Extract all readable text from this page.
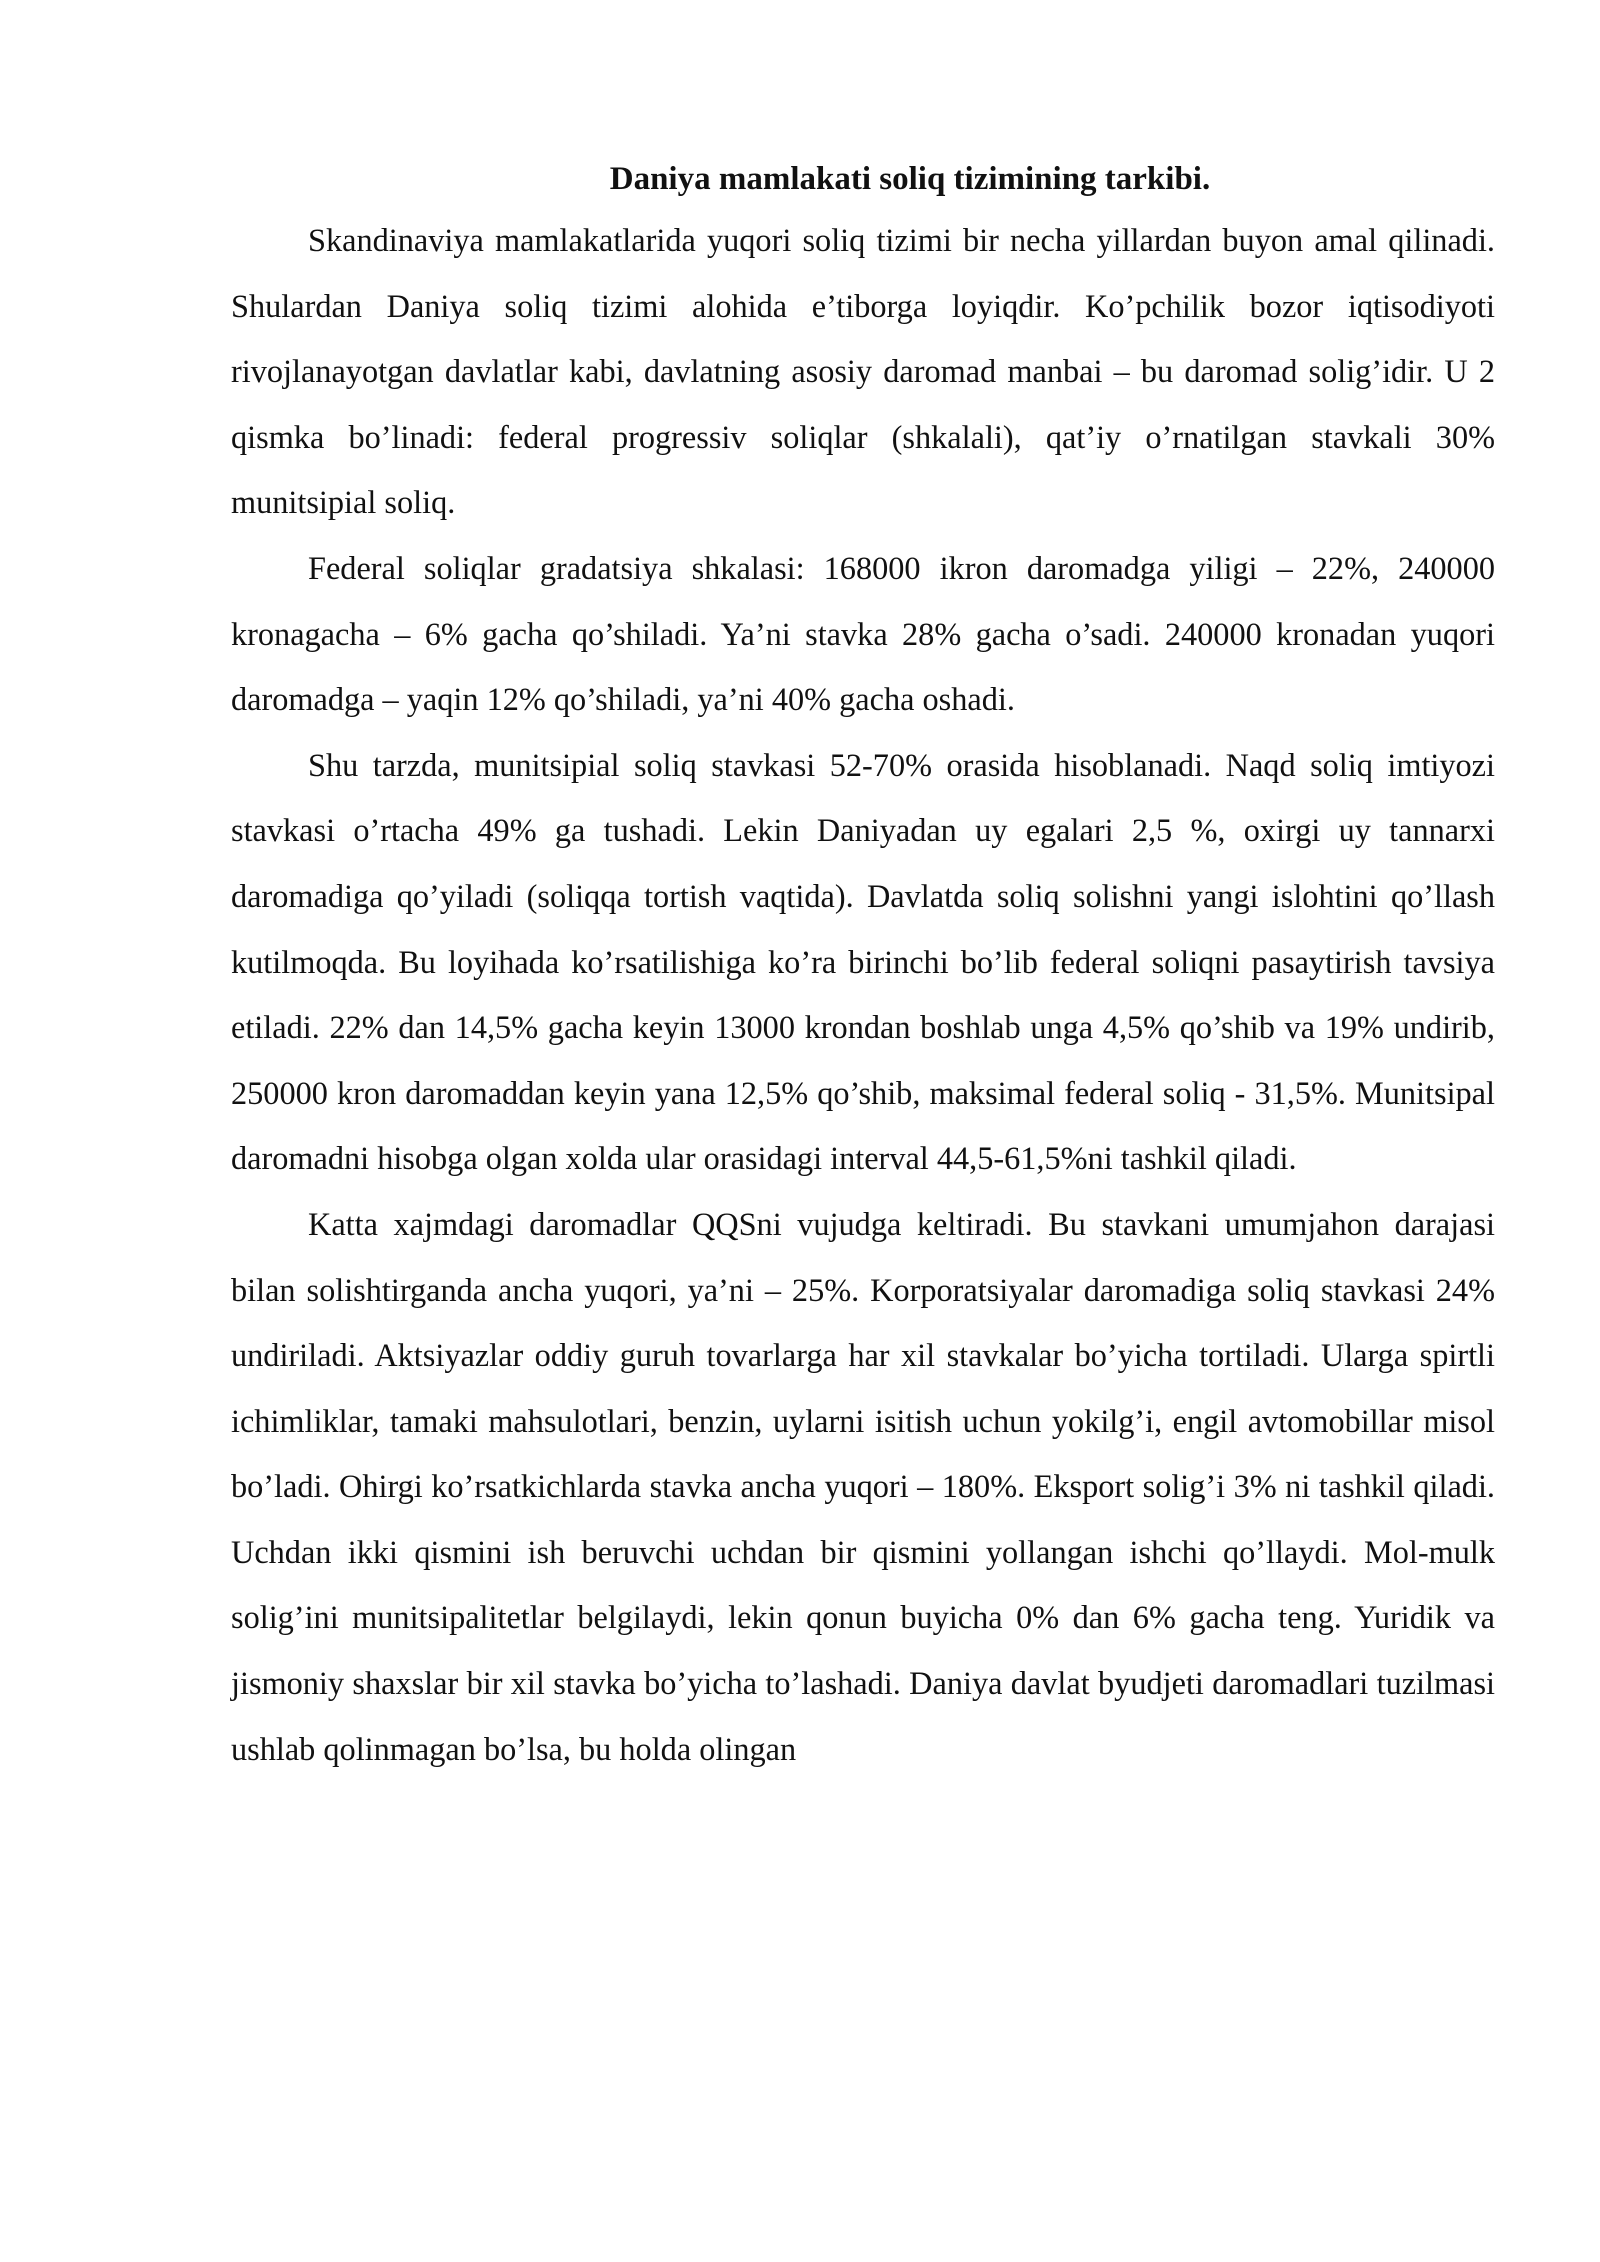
Daniya mamlakati soliq tizimining tarkibi.

Skandinaviya mamlakatlarida yuqori soliq tizimi bir necha yillardan buyon amal qilinadi. Shulardan Daniya soliq tizimi alohida e’tiborga loyiqdir. Ko’pchilik bozor iqtisodiyoti rivojlanayotgan davlatlar kabi, davlatning asosiy daromad manbai – bu daromad solig’idir. U 2 qismka bo’linadi: federal progressiv soliqlar (shkalali), qat’iy o’rnatilgan stavkali 30% munitsipial soliq.

Federal soliqlar gradatsiya shkalasi: 168000 ikron daromadga yiligi – 22%, 240000 kronagacha – 6% gacha qo’shiladi. Ya’ni stavka 28% gacha o’sadi. 240000 kronadan yuqori daromadga – yaqin 12% qo’shiladi, ya’ni 40% gacha oshadi.

Shu tarzda, munitsipial soliq stavkasi 52-70% orasida hisoblanadi. Naqd soliq imtiyozi stavkasi o’rtacha 49% ga tushadi. Lekin Daniyadan uy egalari 2,5 %, oxirgi uy tannarxi daromadiga qo’yiladi (soliqqa tortish vaqtida). Davlatda soliq solishni yangi islohtini qo’llash kutilmoqda. Bu loyihada ko’rsatilishiga ko’ra birinchi bo’lib federal soliqni pasaytirish tavsiya etiladi. 22% dan 14,5% gacha keyin 13000 krondan boshlab unga 4,5% qo’shib va 19% undirib, 250000 kron daromaddan keyin yana 12,5% qo’shib, maksimal federal soliq - 31,5%. Munitsipal daromadni hisobga olgan xolda ular orasidagi interval 44,5-61,5%ni tashkil qiladi.

Katta xajmdagi daromadlar QQSni vujudga keltiradi. Bu stavkani umumjahon darajasi bilan solishtirganda ancha yuqori, ya’ni – 25%. Korporatsiyalar daromadiga soliq stavkasi 24% undiriladi. Aktsiyazlar oddiy guruh tovarlarga har xil stavkalar bo’yicha tortiladi. Ularga spirtli ichimliklar, tamaki mahsulotlari, benzin, uylarni isitish uchun yokilg’i, engil avtomobillar misol bo’ladi. Ohirgi ko’rsatkichlarda stavka ancha yuqori – 180%. Eksport solig’i 3% ni tashkil qiladi. Uchdan ikki qismini ish beruvchi uchdan bir qismini yollangan ishchi qo’llaydi. Mol-mulk solig’ini munitsipalitetlar belgilaydi, lekin qonun buyicha 0% dan 6% gacha teng. Yuridik va jismoniy shaxslar bir xil stavka bo’yicha to’lashadi. Daniya davlat byudjeti daromadlari tuzilmasi ushlab qolinmagan bo’lsa, bu holda olingan
